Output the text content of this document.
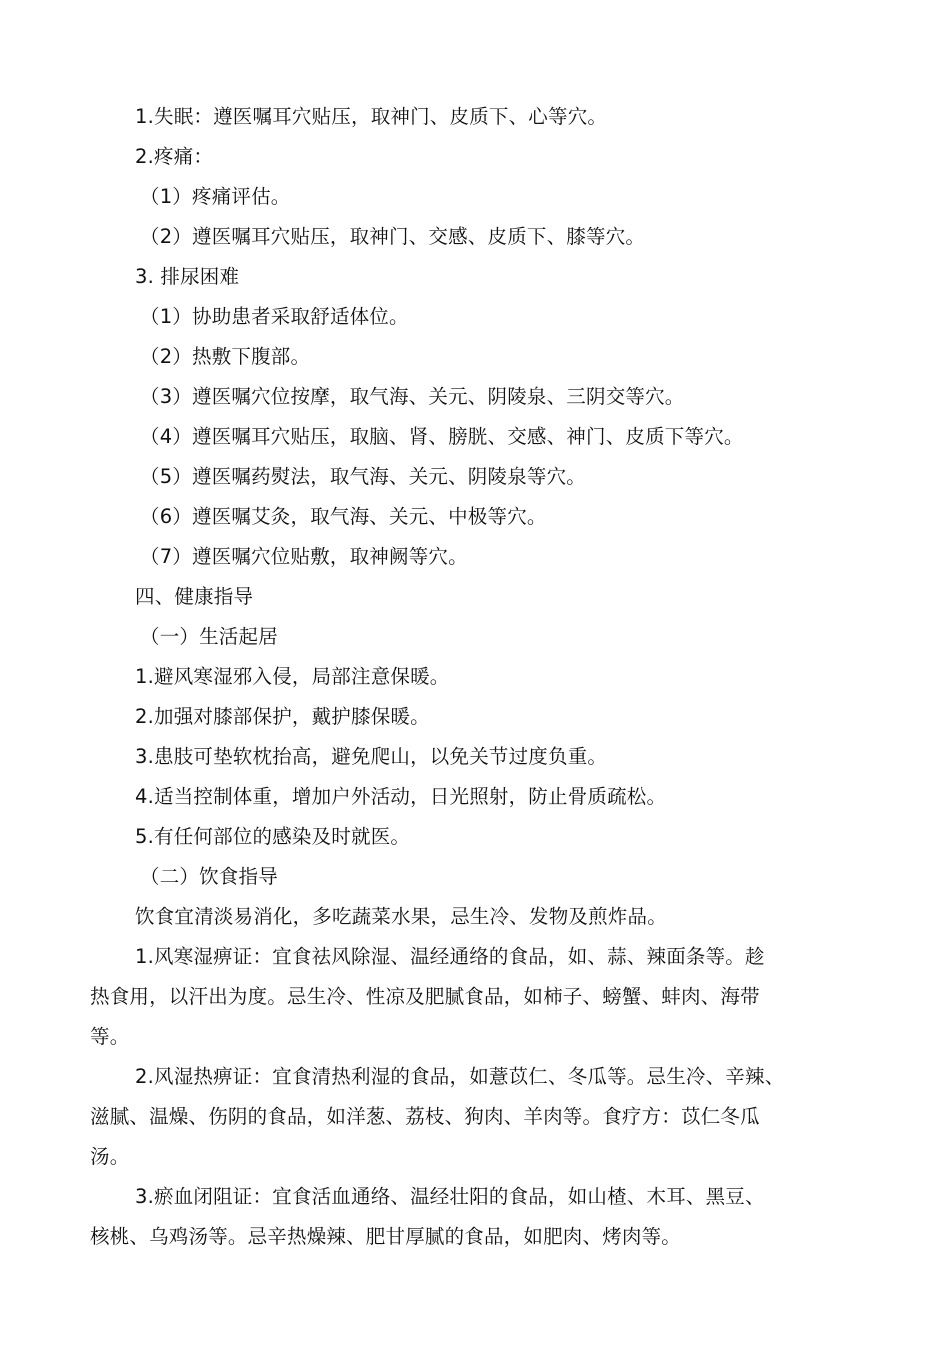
1.失眠：遵医嘱耳穴贴压，取神门、皮质下、心等穴。

2.疼痛：

（1）疼痛评估。

（2）遵医嘱耳穴贴压，取神门、交感、皮质下、膝等穴。

3. 排尿困难

（1）协助患者采取舒适体位。

（2）热敷下腹部。

（3）遵医嘱穴位按摩，取气海、关元、阴陵泉、三阴交等穴。

（4）遵医嘱耳穴贴压，取脑、肾、膀胱、交感、神门、皮质下等穴。

（5）遵医嘱药熨法，取气海、关元、阴陵泉等穴。

（6）遵医嘱艾灸，取气海、关元、中极等穴。

（7）遵医嘱穴位贴敷，取神阙等穴。

四、健康指导

（一）生活起居

1.避风寒湿邪入侵，局部注意保暖。

2.加强对膝部保护，戴护膝保暖。

3.患肢可垫软枕抬高，避免爬山，以免关节过度负重。

4.适当控制体重，增加户外活动，日光照射，防止骨质疏松。

5.有任何部位的感染及时就医。

（二）饮食指导

饮食宜清淡易消化，多吃蔬菜水果，忌生冷、发物及煎炸品。

1.风寒湿痹证：宜食祛风除湿、温经通络的食品，如、蒜、辣面条等。趁

热食用，以汗出为度。忌生冷、性凉及肥腻食品，如柿子、螃蟹、蚌肉、海带

等。

2.风湿热痹证：宜食清热利湿的食品，如薏苡仁、冬瓜等。忌生冷、辛辣、

滋腻、温燥、伤阴的食品，如洋葱、荔枝、狗肉、羊肉等。食疗方：苡仁冬瓜

汤。

3.瘀血闭阻证：宜食活血通络、温经壮阳的食品，如山楂、木耳、黑豆、

核桃、乌鸡汤等。忌辛热燥辣、肥甘厚腻的食品，如肥肉、烤肉等。
